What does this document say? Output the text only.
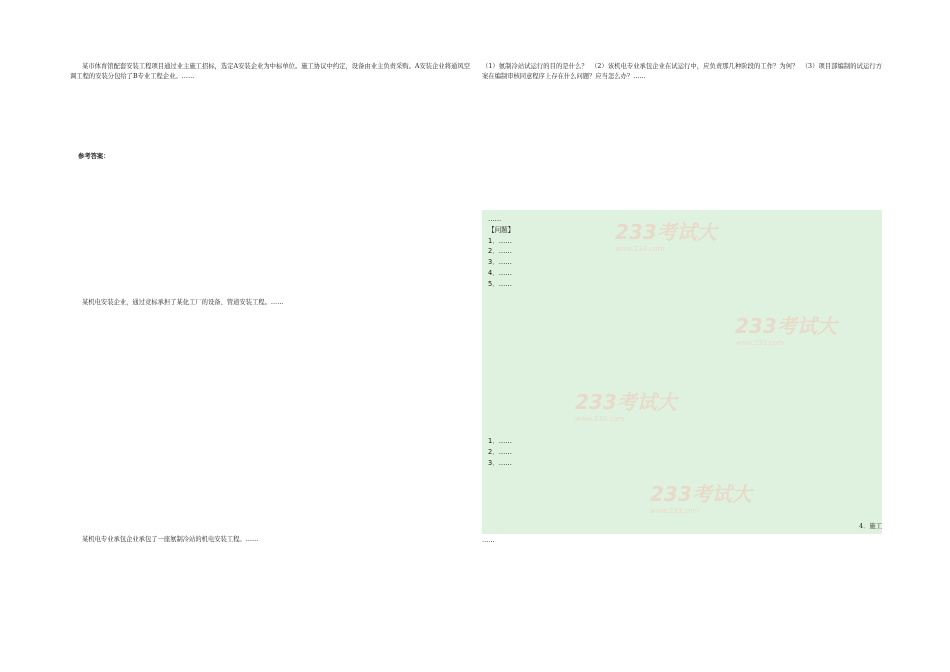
某市体育馆配套安装工程项目通过业主施工招标，选定A安装企业为中标单位。施工协议中约定，设备由业主负责采购。A安装企业将通风空调工程的安装分包给了B专业工程企业。……

参考答案：

某机电安装企业，通过竞标承担了某化工厂的设备、管道安装工程。……
某机电专业承包企业承包了一座氨制冷站的机电安装工程。……
（1）氨制冷站试运行的目的是什么？　（2）该机电专业承包企业在试运行中，应负责那几种阶段的工作？为何？　（3）项目部编制的试运行方案在编制审核同意程序上存在什么问题？应当怎么办？……

……

【问题】

1．……

2．……

3．……

4．……

5．……

1．……

2．……

3．……

4．施工
……
233考试大
www.233.com
233考试大
www.233.com
233考试大
www.233.com
233考试大
www.233.com
